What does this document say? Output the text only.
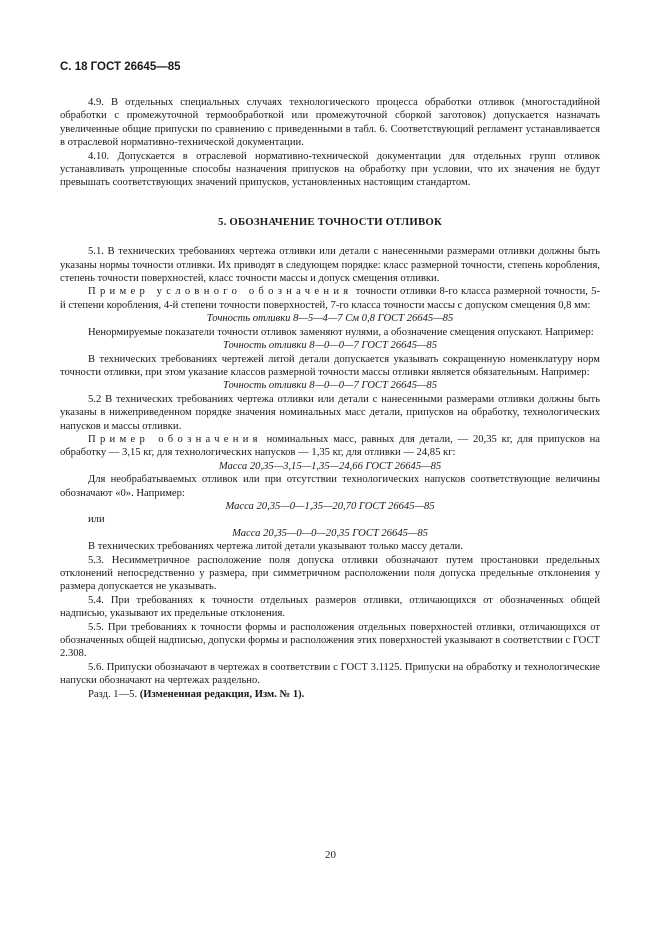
С. 18 ГОСТ 26645—85

4.9. В отдельных специальных случаях технологического процесса обработки отливок (многостадийной обработки с промежуточной термообработкой или промежуточной сборкой заготовок) допускается назначать увеличенные общие припуски по сравнению с приведенными в табл. 6. Соответствующий регламент устанавливается в отраслевой нормативно-технической документации.

4.10. Допускается в отраслевой нормативно-технической документации для отдельных групп отливок устанавливать упрощенные способы назначения припусков на обработку при условии, что их значения не будут превышать соответствующих значений припусков, установленных настоящим стандартом.

5. ОБОЗНАЧЕНИЕ ТОЧНОСТИ ОТЛИВОК

5.1. В технических требованиях чертежа отливки или детали с нанесенными размерами отливки должны быть указаны нормы точности отливки. Их приводят в следующем порядке: класс размерной точности, степень коробления, степень точности поверхностей, класс точности массы и допуск смещения отливки.

Пример условного обозначения точности отливки 8-го класса размерной точности, 5-й степени коробления, 4-й степени точности поверхностей, 7-го класса точности массы с допуском смещения 0,8 мм:

Точность отливки 8—5—4—7 См 0,8 ГОСТ 26645—85

Ненормируемые показатели точности отливок заменяют нулями, а обозначение смещения опускают. Например:

Точность отливки 8—0—0—7 ГОСТ 26645—85

В технических требованиях чертежей литой детали допускается указывать сокращенную номенклатуру норм точности отливки, при этом указание классов размерной точности массы отливки является обязательным. Например:

Точность отливки 8—0—0—7 ГОСТ 26645—85

5.2 В технических требованиях чертежа отливки или детали с нанесенными размерами отливки должны быть указаны в нижеприведенном порядке значения номинальных масс детали, припусков на обработку, технологических напусков и массы отливки.

Пример обозначения номинальных масс, равных для детали, — 20,35 кг, для припусков на обработку — 3,15 кг, для технологических напусков — 1,35 кг, для отливки — 24,85 кг:

Масса 20,35—3,15—1,35—24,66 ГОСТ 26645—85

Для необрабатываемых отливок или при отсутствии технологических напусков соответствующие величины обозначают «0». Например:

Масса 20,35—0—1,35—20,70 ГОСТ 26645—85

или

Масса 20,35—0—0—20,35 ГОСТ 26645—85

В технических требованиях чертежа литой детали указывают только массу детали.

5.3. Несимметричное расположение поля допуска отливки обозначают путем простановки предельных отклонений непосредственно у размера, при симметричном расположении поля допуска предельные отклонения у размера допускается не указывать.

5.4. При требованиях к точности отдельных размеров отливки, отличающихся от обозначенных общей надписью, указывают их предельные отклонения.

5.5. При требованиях к точности формы и расположения отдельных поверхностей отливки, отличающихся от обозначенных общей надписью, допуски формы и расположения этих поверхностей указывают в соответствии с ГОСТ 2.308.

5.6. Припуски обозначают в чертежах в соответствии с ГОСТ 3.1125. Припуски на обработку и технологические напуски обозначают на чертежах раздельно.

Разд. 1—5. (Измененная редакция, Изм. № 1).

20
